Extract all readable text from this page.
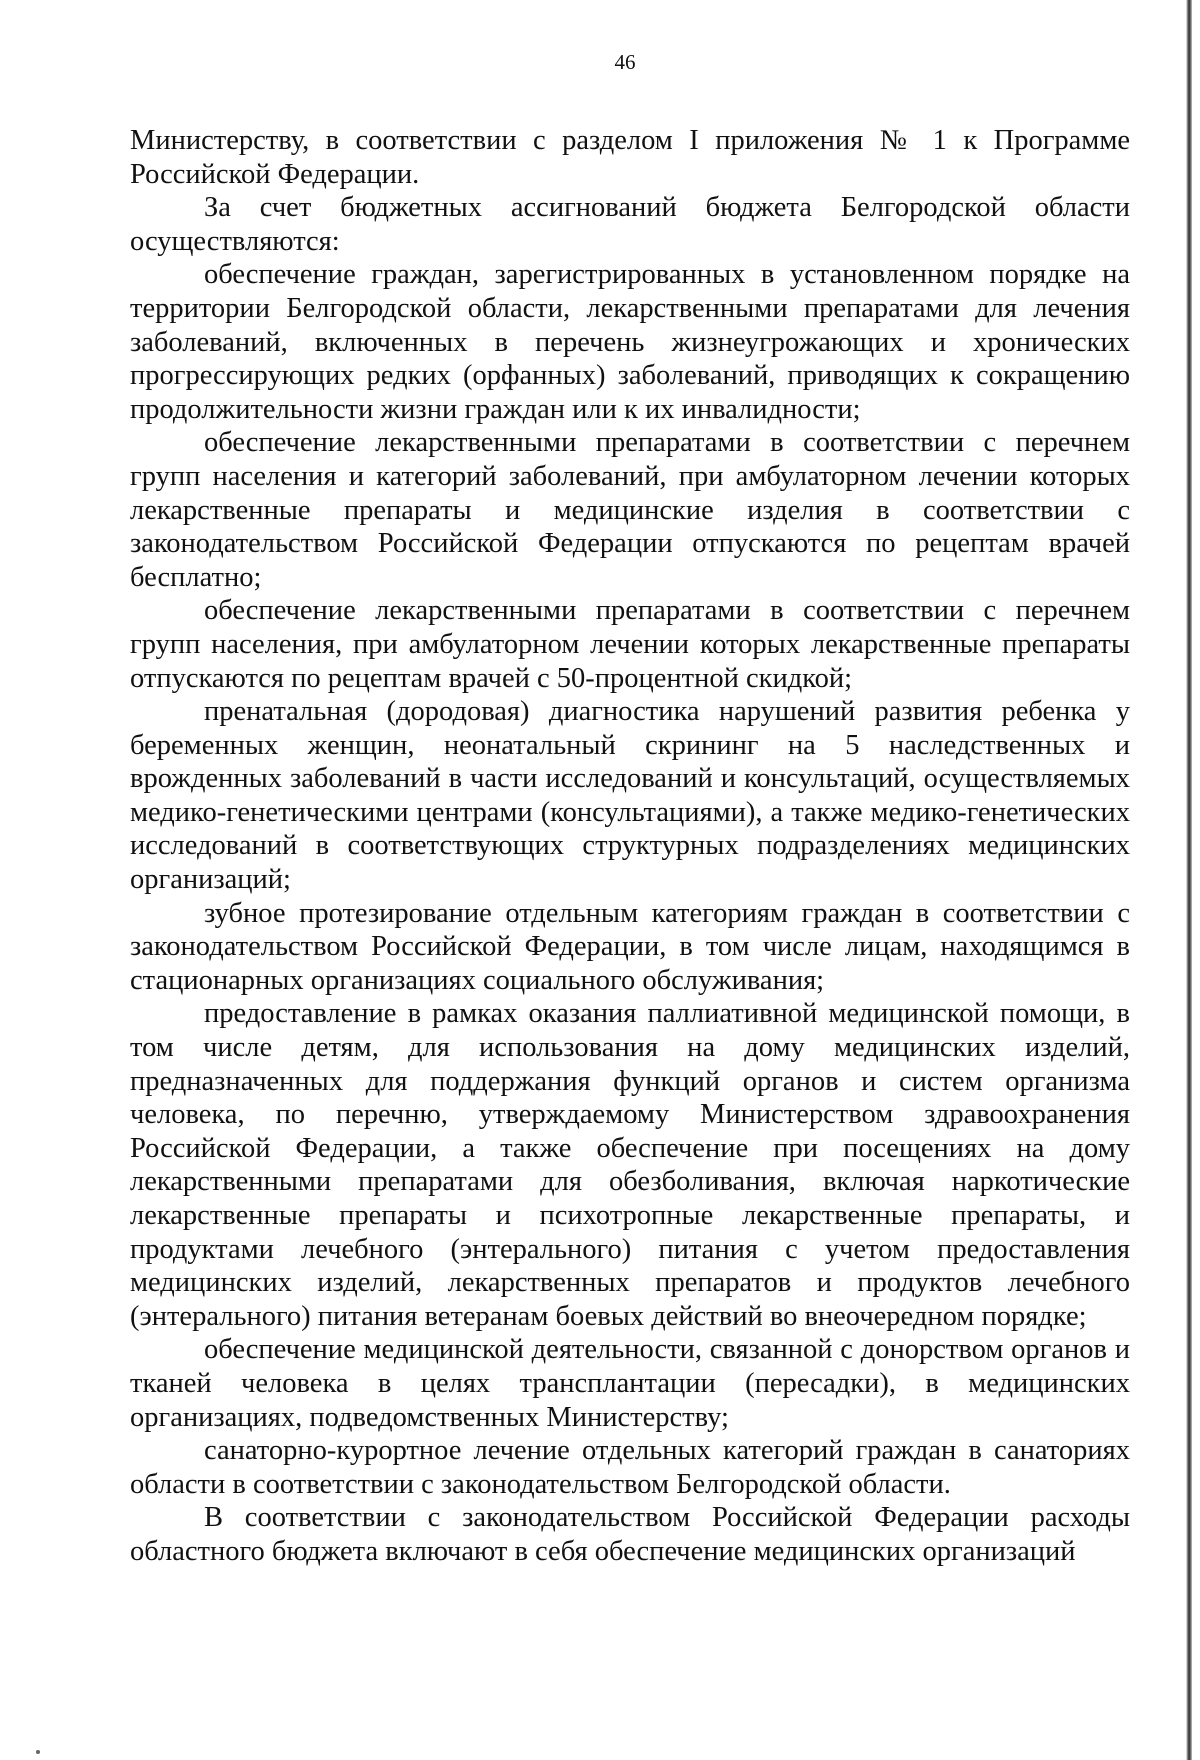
46

Министерству, в соответствии с разделом I приложения № 1 к Программе Российской Федерации.

За счет бюджетных ассигнований бюджета Белгородской области осуществляются:

обеспечение граждан, зарегистрированных в установленном порядке на территории Белгородской области, лекарственными препаратами для лечения заболеваний, включенных в перечень жизнеугрожающих и хронических прогрессирующих редких (орфанных) заболеваний, приводящих к сокращению продолжительности жизни граждан или к их инвалидности;

обеспечение лекарственными препаратами в соответствии с перечнем групп населения и категорий заболеваний, при амбулаторном лечении которых лекарственные препараты и медицинские изделия в соответствии с законодательством Российской Федерации отпускаются по рецептам врачей бесплатно;

обеспечение лекарственными препаратами в соответствии с перечнем групп населения, при амбулаторном лечении которых лекарственные препараты отпускаются по рецептам врачей с 50-процентной скидкой;

пренатальная (дородовая) диагностика нарушений развития ребенка у беременных женщин, неонатальный скрининг на 5 наследственных и врожденных заболеваний в части исследований и консультаций, осуществляемых медико-генетическими центрами (консультациями), а также медико-генетических исследований в соответствующих структурных подразделениях медицинских организаций;

зубное протезирование отдельным категориям граждан в соответствии с законодательством Российской Федерации, в том числе лицам, находящимся в стационарных организациях социального обслуживания;

предоставление в рамках оказания паллиативной медицинской помощи, в том числе детям, для использования на дому медицинских изделий, предназначенных для поддержания функций органов и систем организма человека, по перечню, утверждаемому Министерством здравоохранения Российской Федерации, а также обеспечение при посещениях на дому лекарственными препаратами для обезболивания, включая наркотические лекарственные препараты и психотропные лекарственные препараты, и продуктами лечебного (энтерального) питания с учетом предоставления медицинских изделий, лекарственных препаратов и продуктов лечебного (энтерального) питания ветеранам боевых действий во внеочередном порядке;

обеспечение медицинской деятельности, связанной с донорством органов и тканей человека в целях трансплантации (пересадки), в медицинских организациях, подведомственных Министерству;

санаторно-курортное лечение отдельных категорий граждан в санаториях области в соответствии с законодательством Белгородской области.

В соответствии с законодательством Российской Федерации расходы областного бюджета включают в себя обеспечение медицинских организаций
